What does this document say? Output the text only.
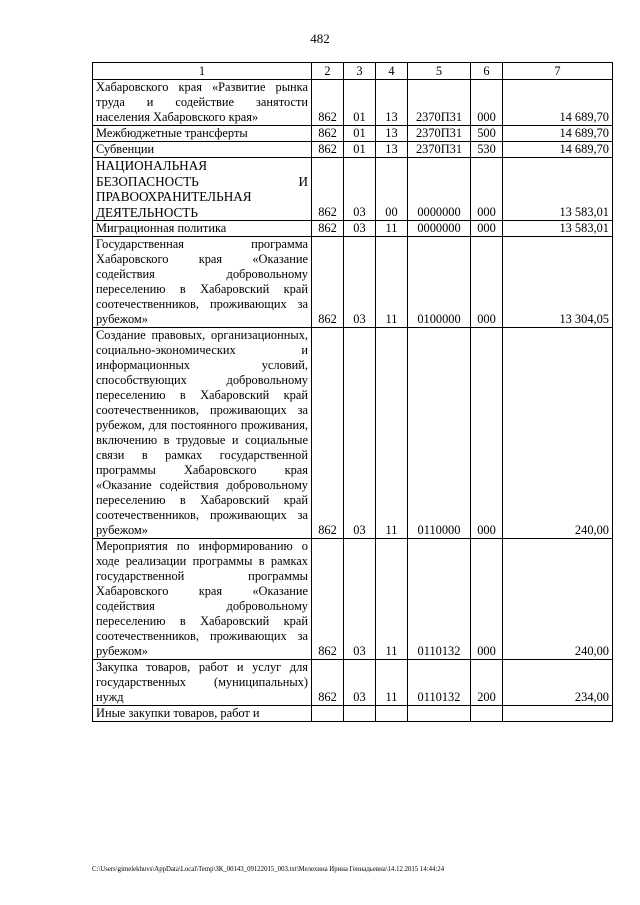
482
1	2	3	4	5	6	7
Хабаровского края «Развитие рынка труда и содействие занятости населения Хабаровского края»	862	01	13	2370П31	000	14 689,70
Межбюджетные трансферты	862	01	13	2370П31	500	14 689,70
Субвенции	862	01	13	2370П31	530	14 689,70
НАЦИОНАЛЬНАЯ БЕЗОПАСНОСТЬ И ПРАВООХРАНИТЕЛЬНАЯ ДЕЯТЕЛЬНОСТЬ	862	03	00	0000000	000	13 583,01
Миграционная политика	862	03	11	0000000	000	13 583,01
Государственная программа Хабаровского края «Оказание содействия добровольному переселению в Хабаровский край соотечественников, проживающих за рубежом»	862	03	11	0100000	000	13 304,05
Создание правовых, организационных, социально-экономических и информационных условий, способствующих добровольному переселению в Хабаровский край соотечественников, проживающих за рубежом, для постоянного проживания, включению в трудовые и социальные связи в рамках государственной программы Хабаровского края «Оказание содействия добровольному переселению в Хабаровский край соотечественников, проживающих за рубежом»	862	03	11	0110000	000	240,00
Мероприятия по информированию о ходе реализации программы в рамках государственной программы Хабаровского края «Оказание содействия добровольному переселению в Хабаровский край соотечественников, проживающих за рубежом»	862	03	11	0110132	000	240,00
Закупка товаров, работ и услуг для государственных (муниципальных) нужд	862	03	11	0110132	200	234,00
Иные закупки товаров, работ и						
C:\Users\gimelekhuvs\AppData\Local\Temp\ЗК_00143_09122015_003.txt\Мелехина Ирина Геннадьевна\14.12.2015 14:44:24
